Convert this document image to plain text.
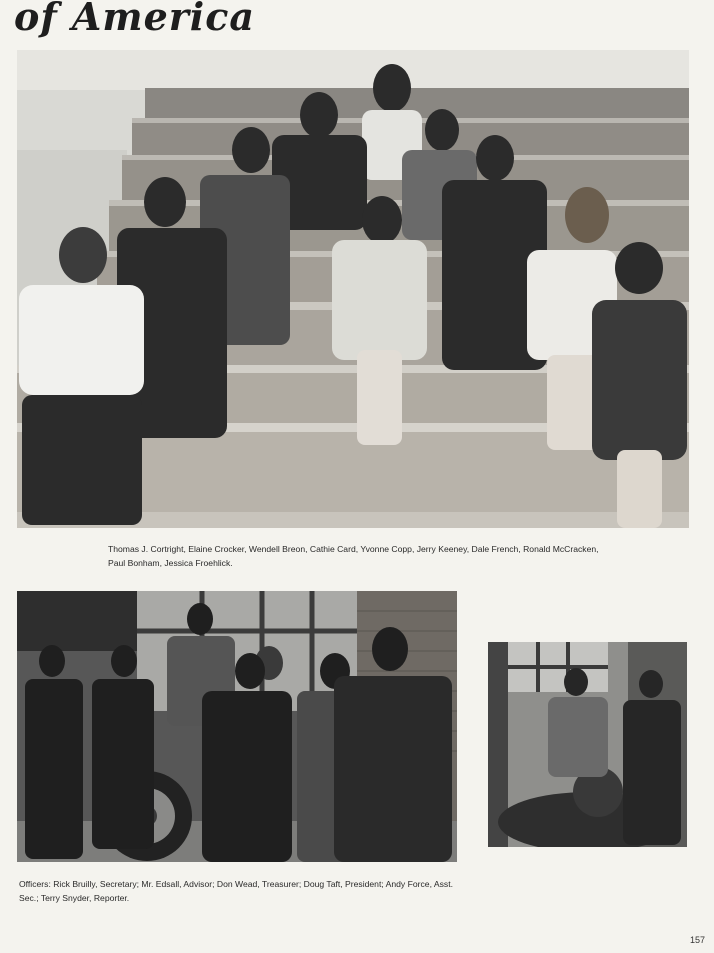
of America

Thomas J. Cortright, Elaine Crocker, Wendell Breon, Cathie Card, Yvonne Copp, Jerry Keeney, Dale French, Ronald McCracken, Paul Bonham, Jessica Froehlick.

Officers: Rick Bruilly, Secretary; Mr. Edsall, Advisor; Don Wead, Treasurer; Doug Taft, President; Andy Force, Asst. Sec.; Terry Snyder, Reporter.

157
